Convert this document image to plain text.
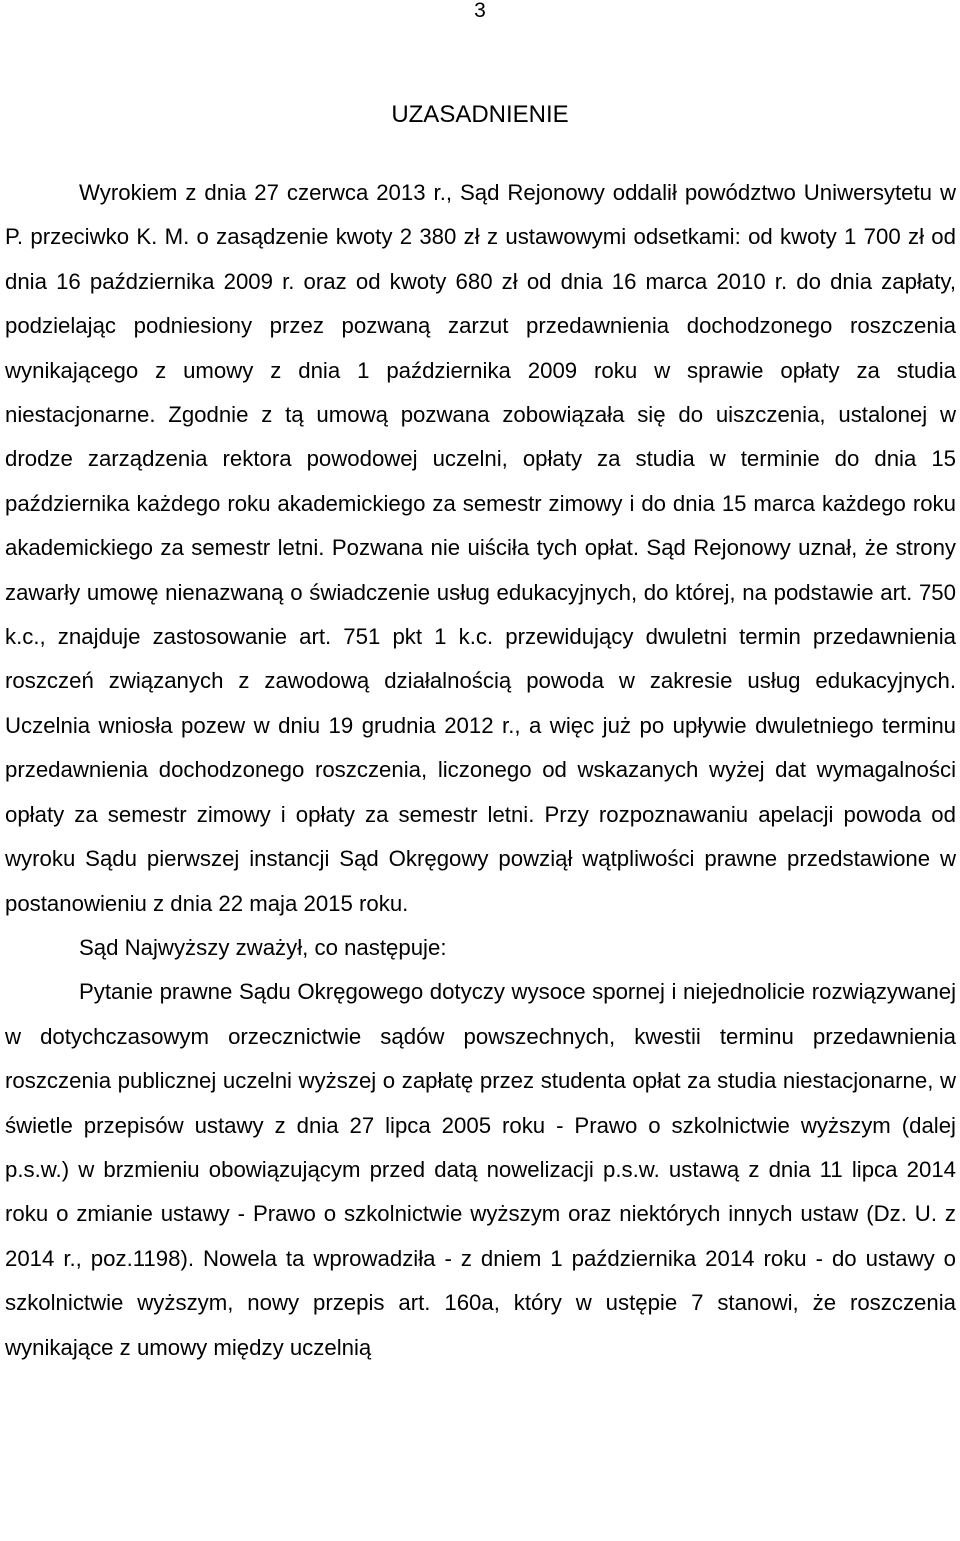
3
UZASADNIENIE

Wyrokiem z dnia 27 czerwca 2013 r., Sąd Rejonowy oddalił powództwo Uniwersytetu w P. przeciwko K. M. o zasądzenie kwoty 2 380 zł z ustawowymi odsetkami: od kwoty 1 700 zł od dnia 16 października 2009 r. oraz od kwoty 680 zł od dnia 16 marca 2010 r. do dnia zapłaty, podzielając podniesiony przez pozwaną zarzut przedawnienia dochodzonego roszczenia wynikającego z umowy z dnia 1 października 2009 roku w sprawie opłaty za studia niestacjonarne. Zgodnie z tą umową pozwana zobowiązała się do uiszczenia, ustalonej w drodze zarządzenia rektora powodowej uczelni, opłaty za studia w terminie do dnia 15 października każdego roku akademickiego za semestr zimowy i do dnia 15 marca każdego roku akademickiego za semestr letni. Pozwana nie uiściła tych opłat. Sąd Rejonowy uznał, że strony zawarły umowę nienazwaną o świadczenie usług edukacyjnych, do której, na podstawie art. 750 k.c., znajduje zastosowanie art. 751 pkt 1 k.c. przewidujący dwuletni termin przedawnienia roszczeń związanych z zawodową działalnością powoda w zakresie usług edukacyjnych. Uczelnia wniosła pozew w dniu 19 grudnia 2012 r., a więc już po upływie dwuletniego terminu przedawnienia dochodzonego roszczenia, liczonego od wskazanych wyżej dat wymagalności opłaty za semestr zimowy i opłaty za semestr letni. Przy rozpoznawaniu apelacji powoda od wyroku Sądu pierwszej instancji Sąd Okręgowy powziął wątpliwości prawne przedstawione w postanowieniu z dnia 22 maja 2015 roku.

Sąd Najwyższy zważył, co następuje:

Pytanie prawne Sądu Okręgowego dotyczy wysoce spornej i niejednolicie rozwiązywanej w dotychczasowym orzecznictwie sądów powszechnych, kwestii terminu przedawnienia roszczenia publicznej uczelni wyższej o zapłatę przez studenta opłat za studia niestacjonarne, w świetle przepisów ustawy z dnia 27 lipca 2005 roku - Prawo o szkolnictwie wyższym (dalej p.s.w.) w brzmieniu obowiązującym przed datą nowelizacji p.s.w. ustawą z dnia 11 lipca 2014 roku o zmianie ustawy - Prawo o szkolnictwie wyższym oraz niektórych innych ustaw (Dz. U. z 2014 r., poz.1198). Nowela ta wprowadziła - z dniem 1 października 2014 roku - do ustawy o szkolnictwie wyższym, nowy przepis art. 160a, który w ustępie 7 stanowi, że roszczenia wynikające z umowy między uczelnią
